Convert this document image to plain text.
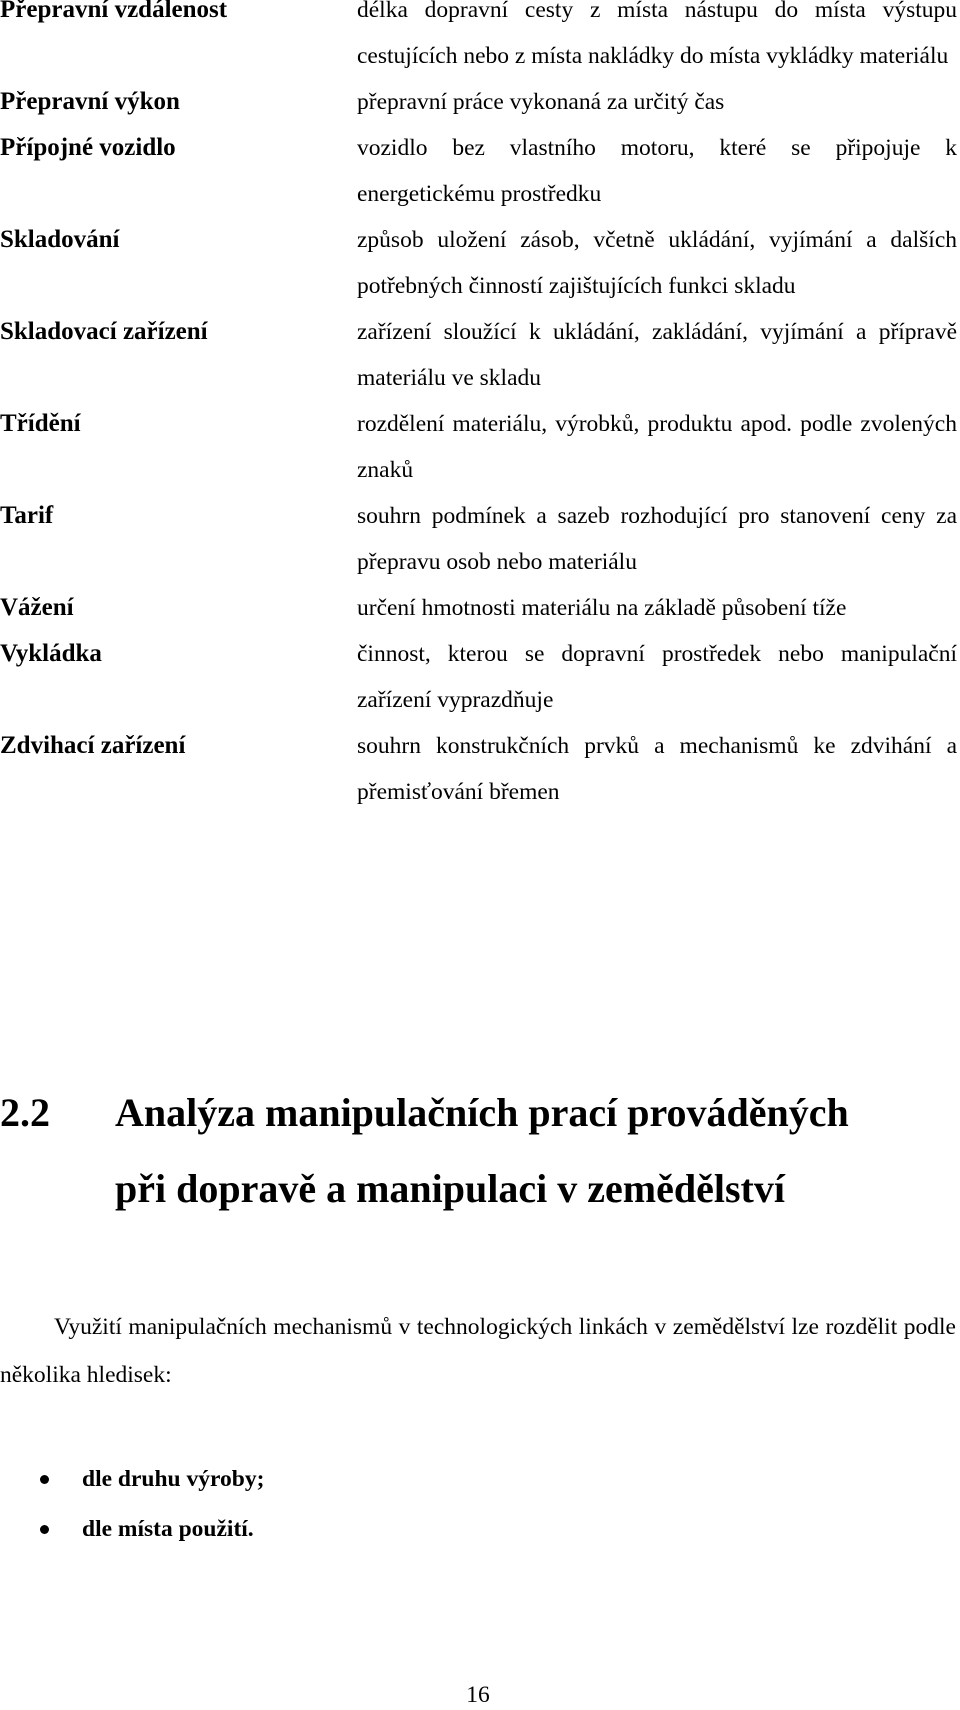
Přepravní vzdálenost	délka dopravní cesty z místa nástupu do místa výstupu cestujících nebo z místa nakládky do místa vykládky materiálu
Přepravní výkon	přepravní práce vykonaná za určitý čas
Přípojné vozidlo	vozidlo bez vlastního motoru, které se připojuje k energetickému prostředku
Skladování	způsob uložení zásob, včetně ukládání, vyjímání a dalších potřebných činností zajištujících funkci skladu
Skladovací zařízení	zařízení sloužící k ukládání, zakládání, vyjímání a přípravě materiálu ve skladu
Třídění	rozdělení materiálu, výrobků, produktu apod. podle zvolených znaků
Tarif	souhrn podmínek a sazeb rozhodující pro stanovení ceny za přepravu osob nebo materiálu
Vážení	určení hmotnosti materiálu na základě působení tíže
Vykládka	činnost, kterou se dopravní prostředek nebo manipulační zařízení vyprazdňuje
Zdvihací zařízení	souhrn konstrukčních prvků a mechanismů ke zdvihání a přemisťování břemen
2.2	Analýza manipulačních prací prováděných
při dopravě a manipulaci v zemědělství

Využití manipulačních mechanismů v technologických linkách v zemědělství lze rozdělit podle několika hledisek:

dle druhu výroby;
dle místa použití.
16
